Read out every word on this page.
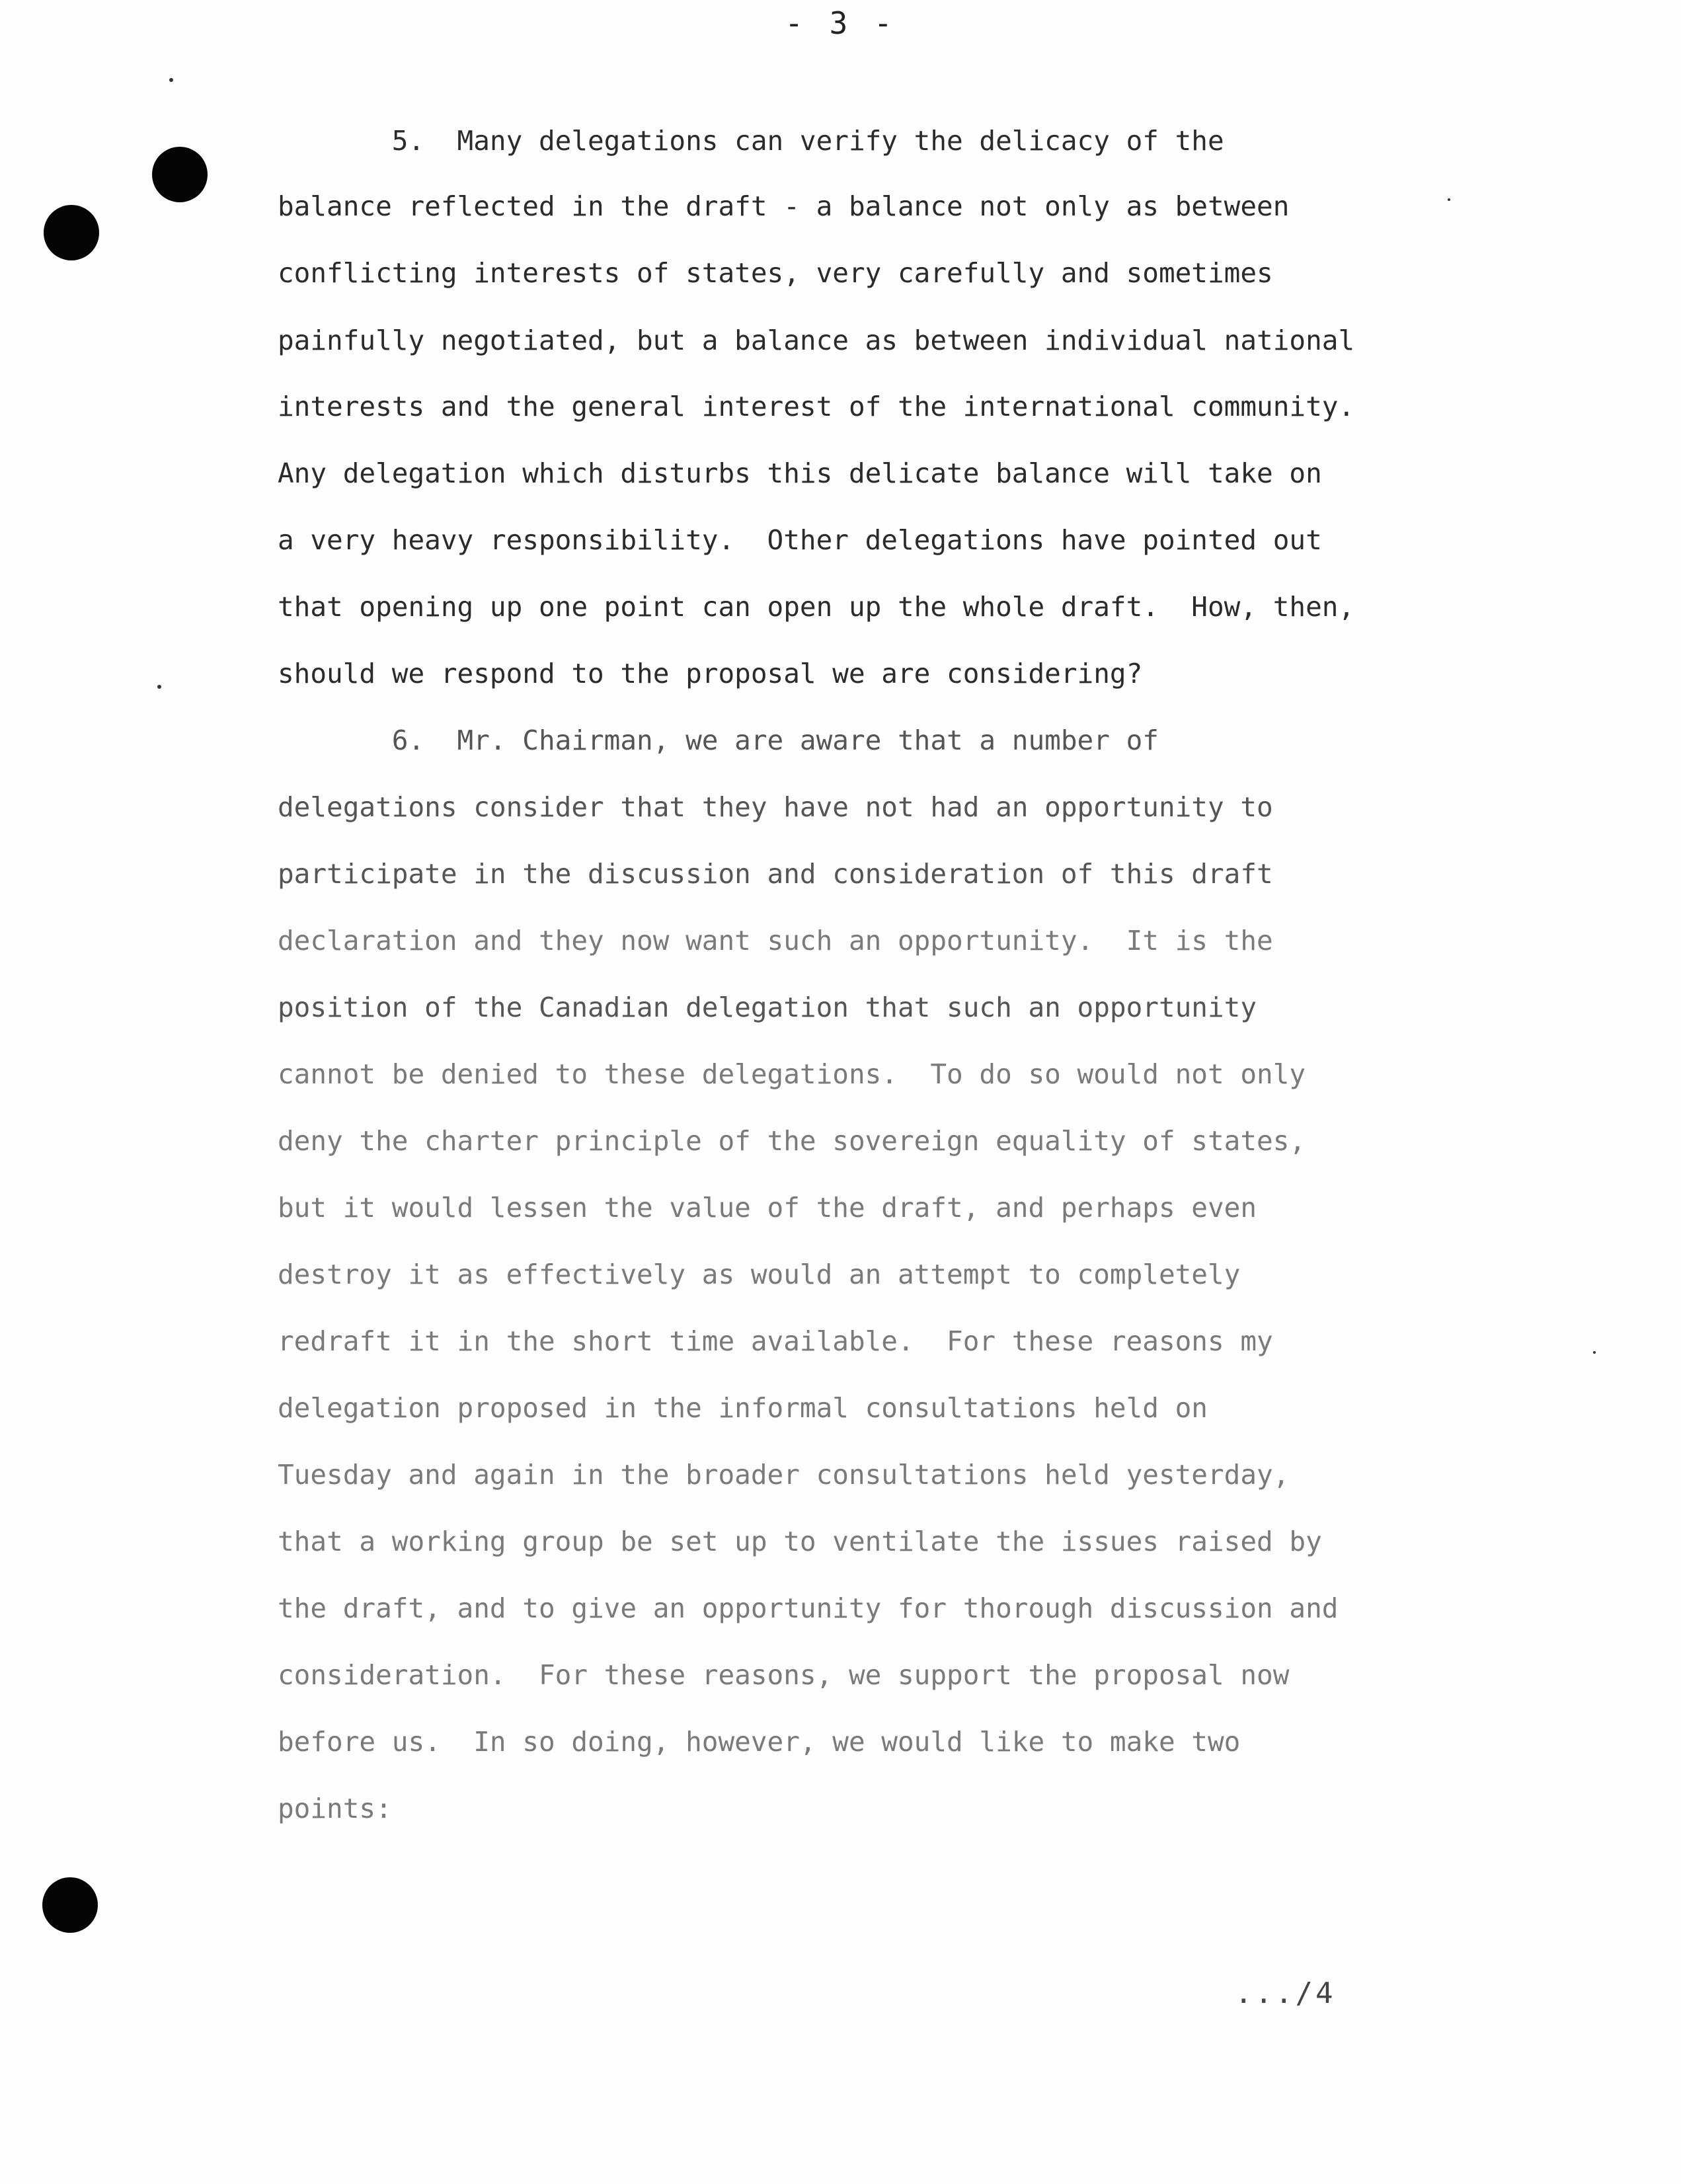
- 3 -
5.  Many delegations can verify the delicacy of the
balance reflected in the draft - a balance not only as between
conflicting interests of states, very carefully and sometimes
painfully negotiated, but a balance as between individual national
interests and the general interest of the international community.
Any delegation which disturbs this delicate balance will take on
a very heavy responsibility.  Other delegations have pointed out
that opening up one point can open up the whole draft.  How, then,
should we respond to the proposal we are considering?
6.  Mr. Chairman, we are aware that a number of
delegations consider that they have not had an opportunity to
participate in the discussion and consideration of this draft
declaration and they now want such an opportunity.  It is the
position of the Canadian delegation that such an opportunity
cannot be denied to these delegations.  To do so would not only
deny the charter principle of the sovereign equality of states,
but it would lessen the value of the draft, and perhaps even
destroy it as effectively as would an attempt to completely
redraft it in the short time available.  For these reasons my
delegation proposed in the informal consultations held on
Tuesday and again in the broader consultations held yesterday,
that a working group be set up to ventilate the issues raised by
the draft, and to give an opportunity for thorough discussion and
consideration.  For these reasons, we support the proposal now
before us.  In so doing, however, we would like to make two
points:
.../4
